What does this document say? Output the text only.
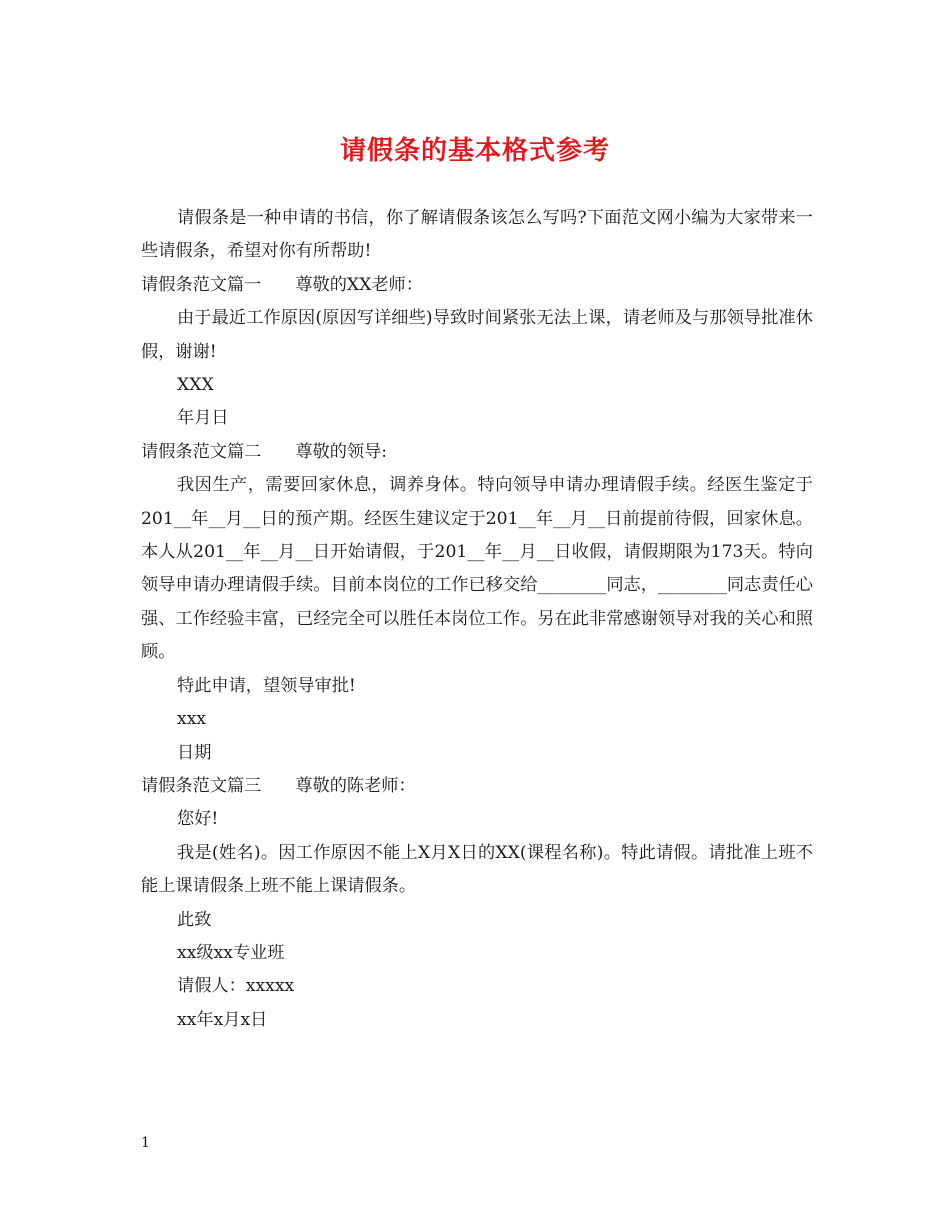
请假条的基本格式参考

请假条是一种申请的书信，你了解请假条该怎么写吗?下面范文网小编为大家带来一些请假条，希望对你有所帮助!

请假条范文篇一 尊敬的XX老师：

由于最近工作原因(原因写详细些)导致时间紧张无法上课，请老师及与那领导批准休假，谢谢!

XXX

年月日

请假条范文篇二 尊敬的领导:

我因生产，需要回家休息，调养身体。特向领导申请办理请假手续。经医生鉴定于201__年__月__日的预产期。经医生建议定于201__年__月__日前提前待假，回家休息。本人从201__年__月__日开始请假，于201__年__月__日收假，请假期限为173天。特向领导申请办理请假手续。目前本岗位的工作已移交给________同志，________同志责任心强、工作经验丰富，已经完全可以胜任本岗位工作。另在此非常感谢领导对我的关心和照顾。

特此申请，望领导审批!

xxx

日期

请假条范文篇三 尊敬的陈老师：

您好!

我是(姓名)。因工作原因不能上X月X日的XX(课程名称)。特此请假。请批准上班不能上课请假条上班不能上课请假条。

此致

xx级xx专业班

请假人：xxxxx

xx年x月x日

1
